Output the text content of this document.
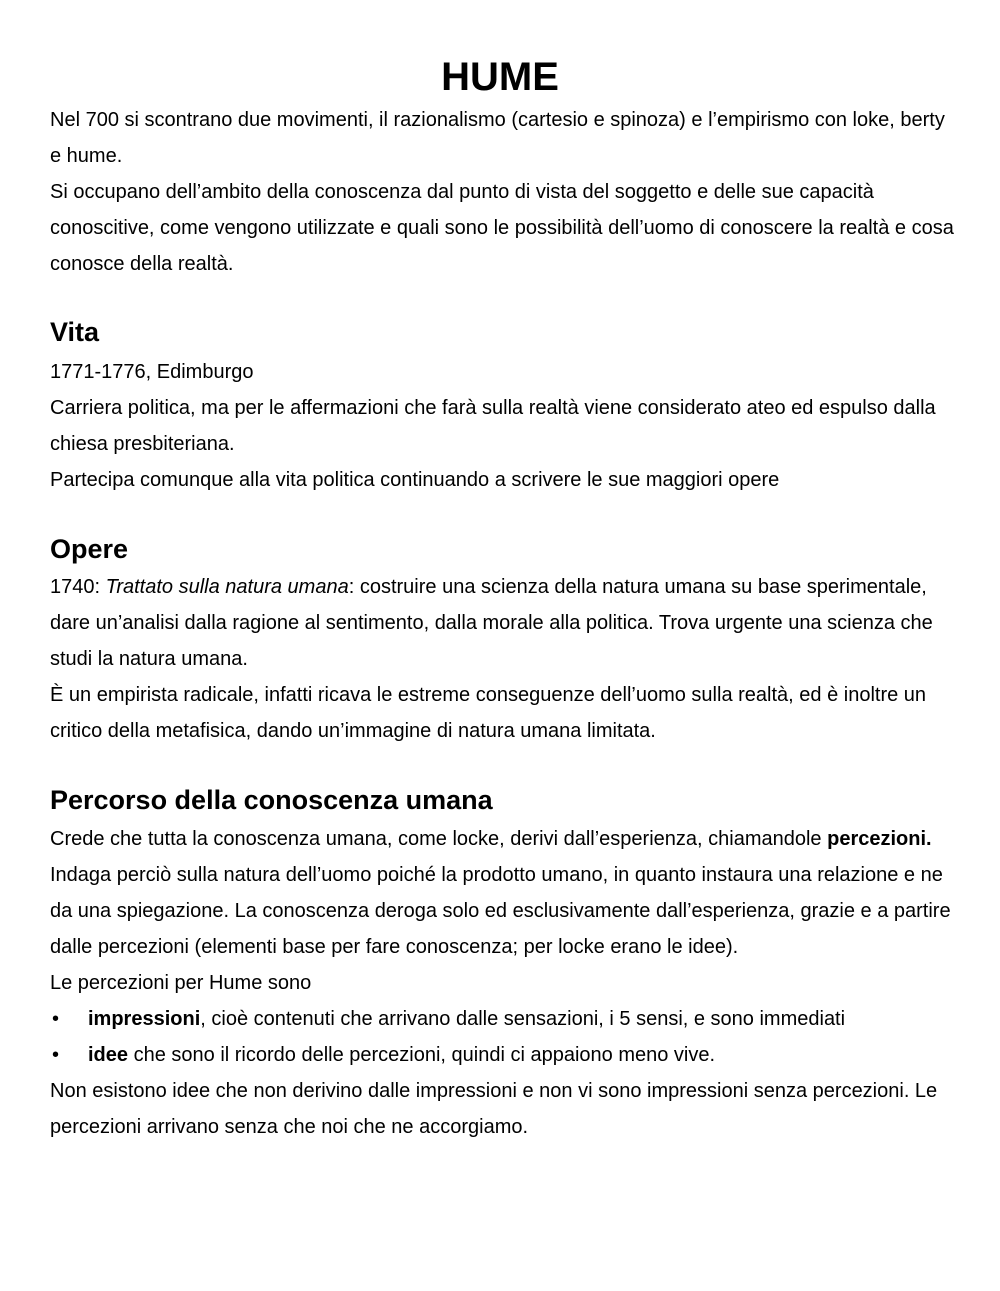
HUME

Nel 700 si scontrano due movimenti, il razionalismo (cartesio e spinoza) e l’empirismo con loke, berty e hume.

Si occupano dell’ambito della conoscenza dal punto di vista del soggetto e delle sue capacità conoscitive, come vengono utilizzate e quali sono le possibilità dell’uomo di conoscere la realtà e cosa conosce della realtà.

Vita

1771-1776, Edimburgo

Carriera politica, ma per le affermazioni che farà sulla realtà viene considerato ateo ed espulso dalla chiesa presbiteriana.

Partecipa comunque alla vita politica continuando a scrivere le sue maggiori opere

Opere

1740: Trattato sulla natura umana: costruire una scienza della natura umana su base sperimentale, dare un’analisi dalla ragione al sentimento, dalla morale alla politica. Trova urgente una scienza che studi la natura umana.

È un empirista radicale, infatti ricava le estreme conseguenze dell’uomo sulla realtà, ed è inoltre un critico della metafisica, dando un’immagine di natura umana limitata.

Percorso della conoscenza umana

Crede che tutta la conoscenza umana, come locke, derivi dall’esperienza, chiamandole percezioni.

Indaga perciò sulla natura dell’uomo poiché la prodotto umano, in quanto instaura una relazione e ne da una spiegazione. La conoscenza deroga solo ed esclusivamente dall’esperienza, grazie e a partire dalle percezioni (elementi base per fare conoscenza; per locke erano le idee).

Le percezioni per Hume sono

• impressioni, cioè contenuti che arrivano dalle sensazioni, i 5 sensi, e sono immediati
• idee che sono il ricordo delle percezioni, quindi ci appaiono meno vive.

Non esistono idee che non derivino dalle impressioni e non vi sono impressioni senza percezioni. Le percezioni arrivano senza che noi che ne accorgiamo.
